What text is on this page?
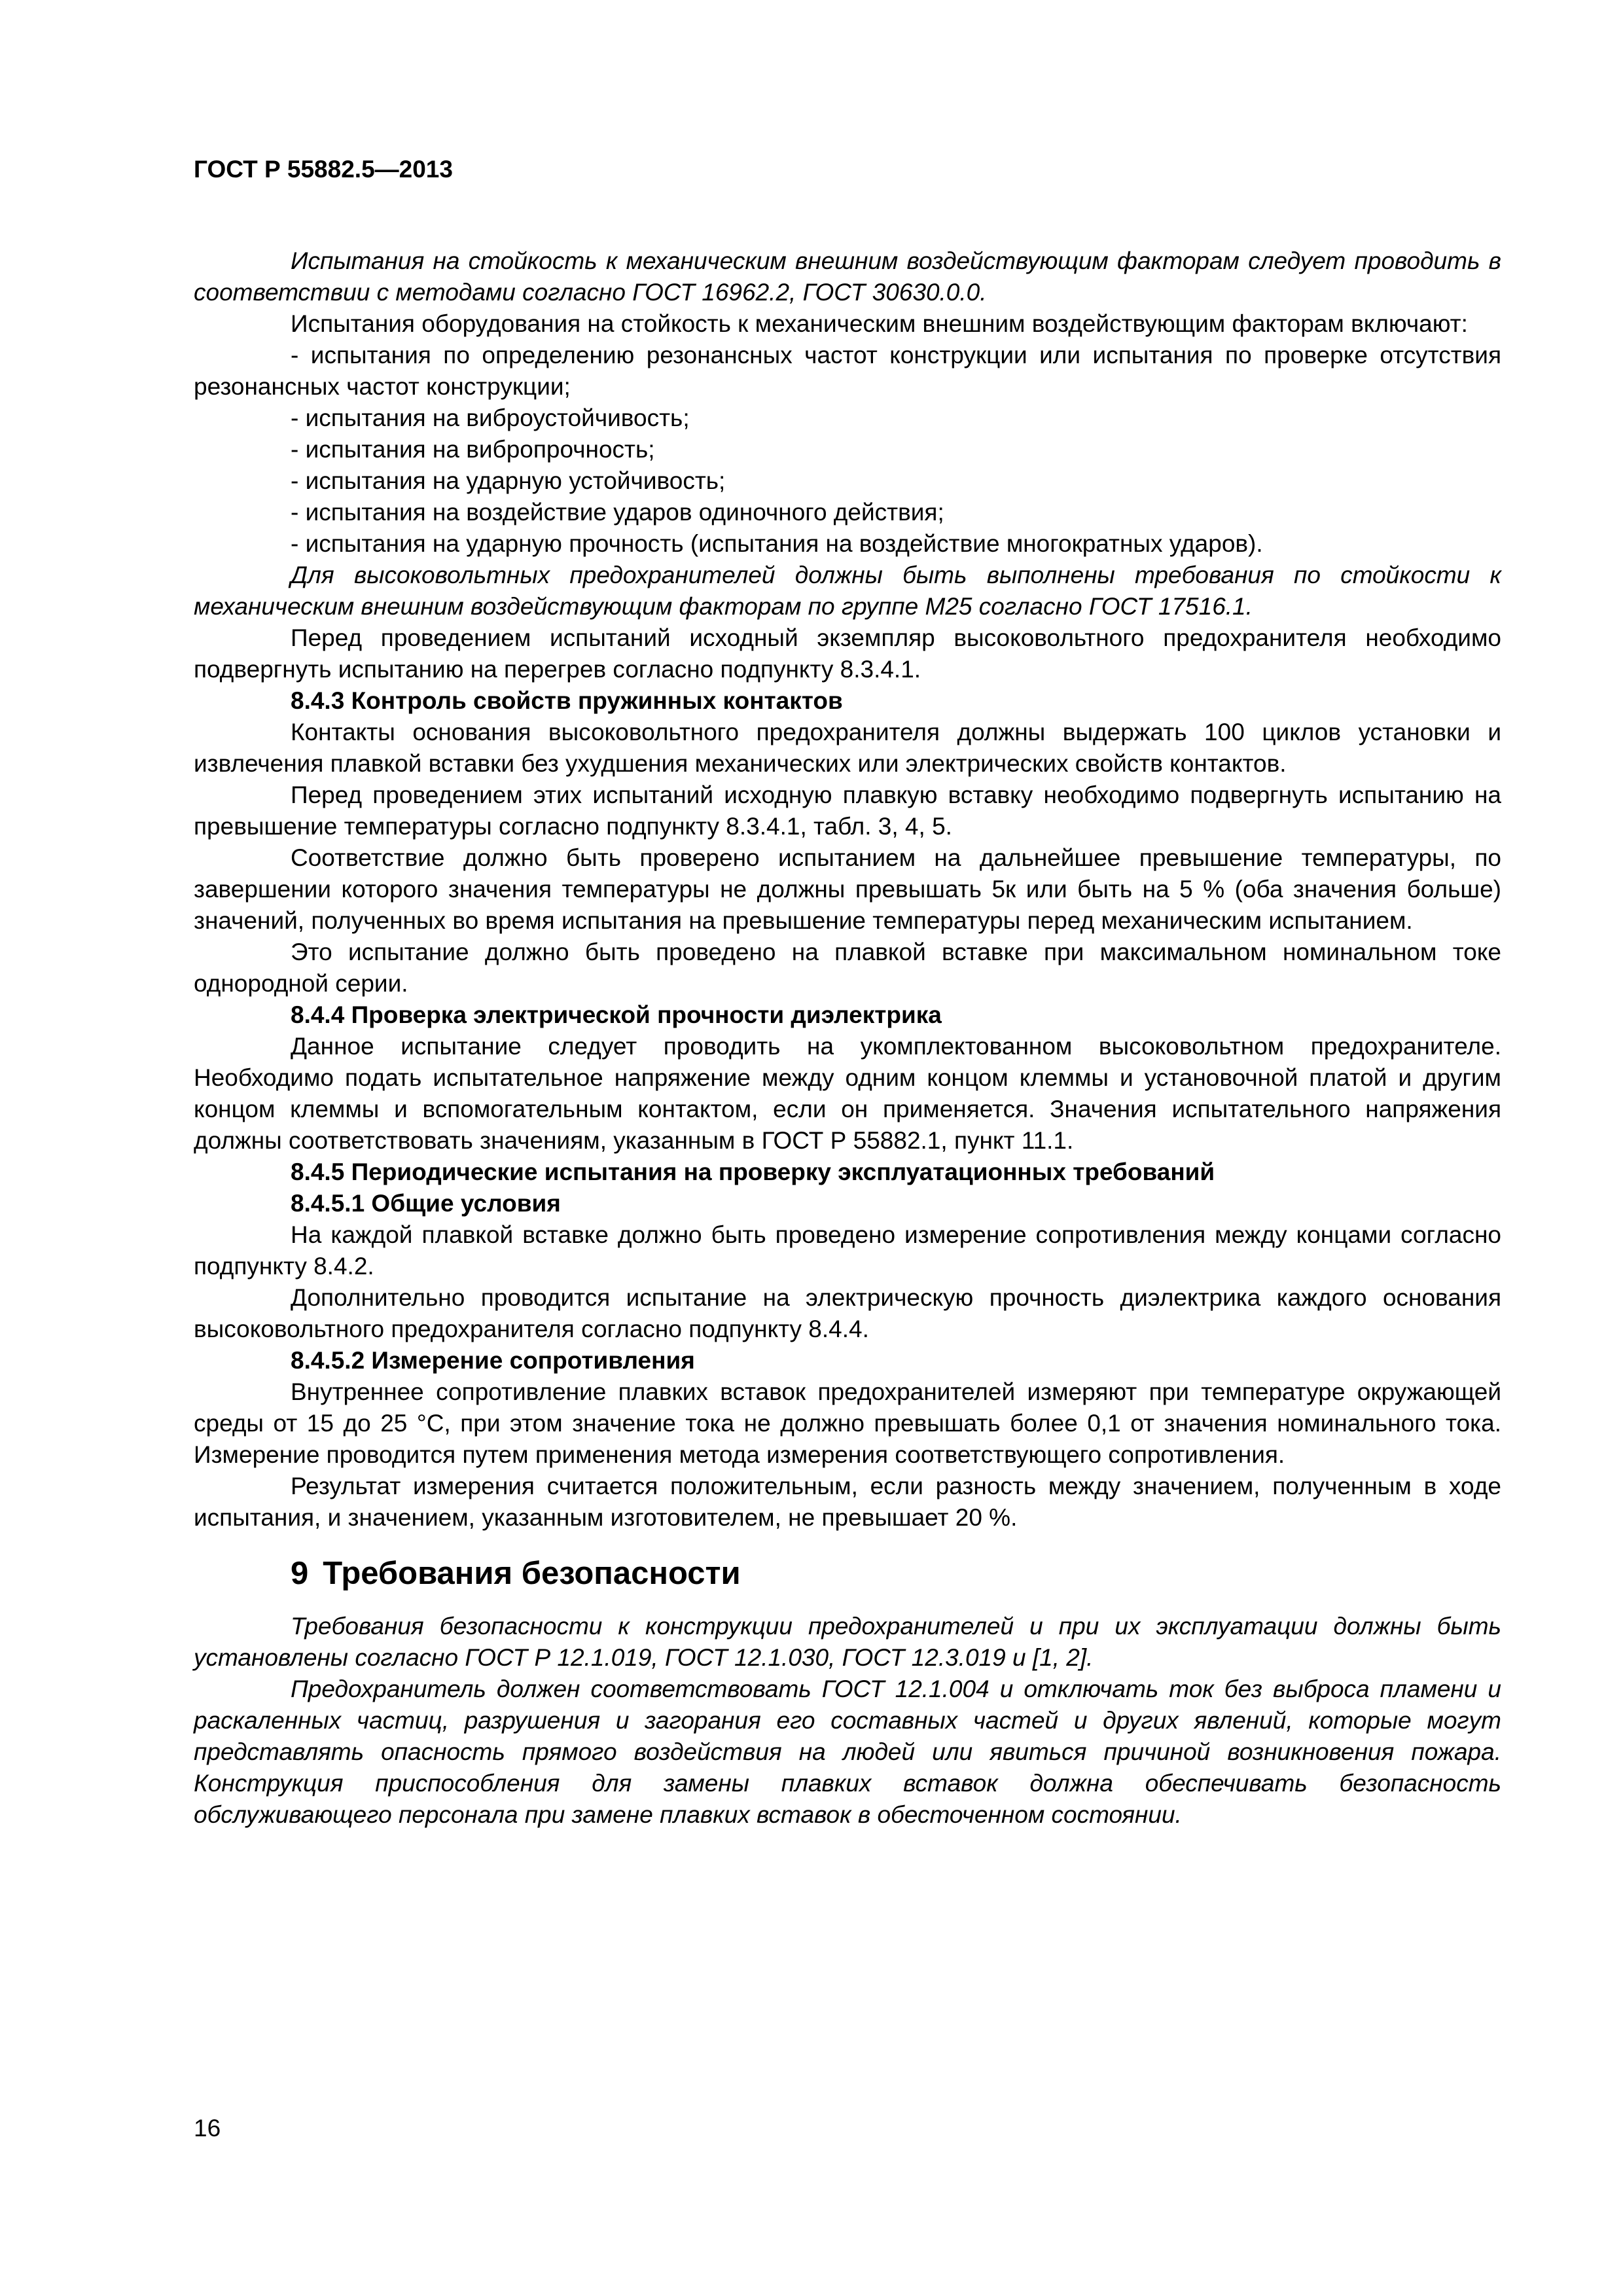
ГОСТ Р 55882.5—2013

Испытания на стойкость к механическим внешним воздействующим факторам следует проводить в соответствии с методами согласно ГОСТ 16962.2, ГОСТ 30630.0.0.

Испытания оборудования на стойкость к механическим внешним воздействующим факторам включают:

- испытания по определению резонансных частот конструкции или испытания по проверке отсутствия резонансных частот конструкции;

- испытания на виброустойчивость;

- испытания на вибропрочность;

- испытания на ударную устойчивость;

- испытания на воздействие ударов одиночного действия;

- испытания на ударную прочность (испытания на воздействие многократных ударов).

Для высоковольтных предохранителей должны быть выполнены требования по стойкости к механическим внешним воздействующим факторам по группе М25 согласно ГОСТ 17516.1.

Перед проведением испытаний исходный экземпляр высоковольтного предохранителя необходимо подвергнуть испытанию на перегрев согласно подпункту 8.3.4.1.

8.4.3 Контроль свойств пружинных контактов

Контакты основания высоковольтного предохранителя должны выдержать 100 циклов установки и извлечения плавкой вставки без ухудшения механических или электрических свойств контактов.

Перед проведением этих испытаний исходную плавкую вставку необходимо подвергнуть испытанию на превышение температуры согласно подпункту 8.3.4.1, табл. 3, 4, 5.

Соответствие должно быть проверено испытанием на дальнейшее превышение температуры, по завершении которого значения температуры не должны превышать 5к или быть на 5 % (оба значения больше) значений, полученных во время испытания на превышение температуры перед механическим испытанием.

Это испытание должно быть проведено на плавкой вставке при максимальном номинальном токе однородной серии.

8.4.4 Проверка электрической прочности диэлектрика

Данное испытание следует проводить на укомплектованном высоковольтном предохранителе. Необходимо подать испытательное напряжение между одним концом клеммы и установочной платой и другим концом клеммы и вспомогательным контактом, если он применяется. Значения испытательного напряжения должны соответствовать значениям, указанным в ГОСТ Р 55882.1, пункт 11.1.

8.4.5 Периодические испытания на проверку эксплуатационных требований
8.4.5.1 Общие условия

На каждой плавкой вставке должно быть проведено измерение сопротивления между концами согласно подпункту 8.4.2.

Дополнительно проводится испытание на электрическую прочность диэлектрика каждого основания высоковольтного предохранителя согласно подпункту 8.4.4.

8.4.5.2 Измерение сопротивления

Внутреннее сопротивление плавких вставок предохранителей измеряют при температуре окружающей среды от 15 до 25 °С, при этом значение тока не должно превышать более 0,1 от значения номинального тока. Измерение проводится путем применения метода измерения соответствующего сопротивления.

Результат измерения считается положительным, если разность между значением, полученным в ходе испытания, и значением, указанным изготовителем, не превышает 20 %.

9 Требования безопасности

Требования безопасности к конструкции предохранителей и при их эксплуатации должны быть установлены согласно ГОСТ Р 12.1.019, ГОСТ 12.1.030, ГОСТ 12.3.019 и [1, 2].

Предохранитель должен соответствовать ГОСТ 12.1.004 и отключать ток без выброса пламени и раскаленных частиц, разрушения и загорания его составных частей и других явлений, которые могут представлять опасность прямого воздействия на людей или явиться причиной возникновения пожара. Конструкция приспособления для замены плавких вставок должна обеспечивать безопасность обслуживающего персонала при замене плавких вставок в обесточенном состоянии.

16
